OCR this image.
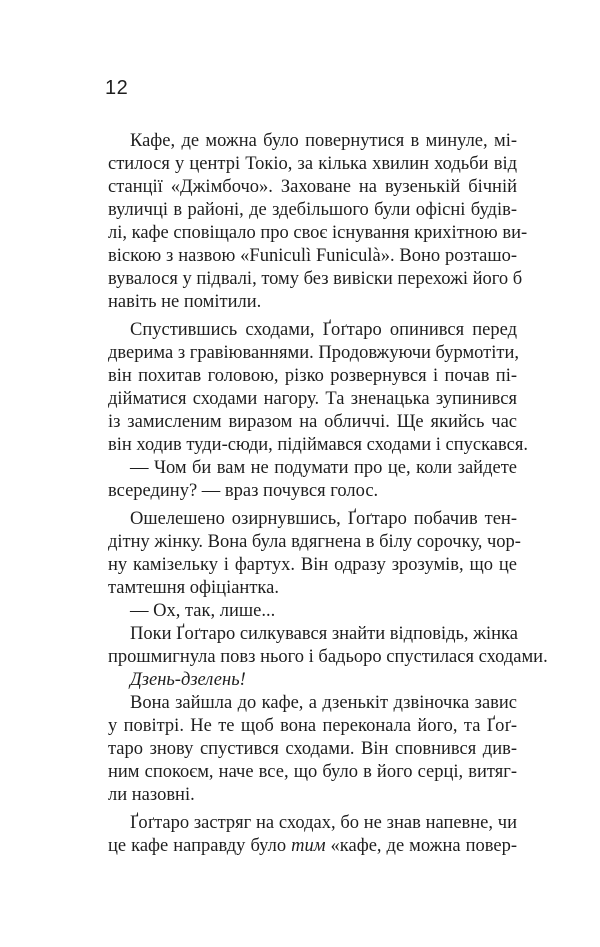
12
Кафе, де можна було повернутися в минуле, мі-
стилося у центрі Токіо, за кілька хвилин ходьби від
станції «Джімбочо». Заховане на вузенькій бічній
вуличці в районі, де здебільшого були офісні будів-
лі, кафе сповіщало про своє існування крихітною ви-
віскою з назвою «Funiculì Funiculà». Воно розташо-
вувалося у підвалі, тому без вивіски перехожі його б
навіть не помітили.
Спустившись сходами, Ґоґтаро опинився перед
дверима з гравіюваннями. Продовжуючи бурмотіти,
він похитав головою, різко розвернувся і почав пі-
дійматися сходами нагору. Та зненацька зупинився
із замисленим виразом на обличчі. Ще якийсь час
він ходив туди-сюди, підіймався сходами і спускався.
— Чом би вам не подумати про це, коли зайдете
всередину? — враз почувся голос.
Ошелешено озирнувшись, Ґоґтаро побачив тен-
дітну жінку. Вона була вдягнена в білу сорочку, чор-
ну камізельку і фартух. Він одразу зрозумів, що це
тамтешня офіціантка.
— Ох, так, лише...
Поки Ґоґтаро силкувався знайти відповідь, жінка
прошмигнула повз нього і бадьоро спустилася сходами.
Дзень-дзелень!
Вона зайшла до кафе, а дзенькіт дзвіночка завис
у повітрі. Не те щоб вона переконала його, та Ґоґ-
таро знову спустився сходами. Він сповнився див-
ним спокоєм, наче все, що було в його серці, витяг-
ли назовні.
Ґоґтаро застряг на сходах, бо не знав напевне, чи
це кафе направду було тим «кафе, де можна повер-
